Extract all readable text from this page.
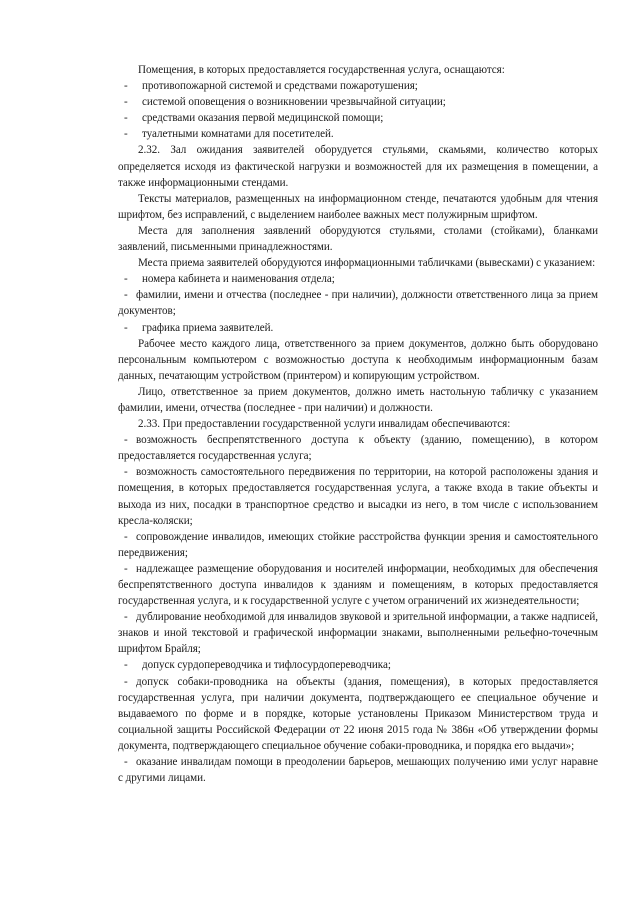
Помещения, в которых предоставляется государственная услуга, оснащаются:

- противопожарной системой и средствами пожаротушения;

- системой оповещения о возникновении чрезвычайной ситуации;

- средствами оказания первой медицинской помощи;

- туалетными комнатами для посетителей.

2.32. Зал ожидания заявителей оборудуется стульями, скамьями, количество которых определяется исходя из фактической нагрузки и возможностей для их размещения в помещении, а также информационными стендами.

Тексты материалов, размещенных на информационном стенде, печатаются удобным для чтения шрифтом, без исправлений, с выделением наиболее важных мест полужирным шрифтом.

Места для заполнения заявлений оборудуются стульями, столами (стойками), бланками заявлений, письменными принадлежностями.

Места приема заявителей оборудуются информационными табличками (вывесками) с указанием:

- номера кабинета и наименования отдела;

- фамилии, имени и отчества (последнее - при наличии), должности ответственного лица за прием документов;

- графика приема заявителей.

Рабочее место каждого лица, ответственного за прием документов, должно быть оборудовано персональным компьютером с возможностью доступа к необходимым информационным базам данных, печатающим устройством (принтером) и копирующим устройством.

Лицо, ответственное за прием документов, должно иметь настольную табличку с указанием фамилии, имени, отчества (последнее - при наличии) и должности.

2.33. При предоставлении государственной услуги инвалидам обеспечиваются:

- возможность беспрепятственного доступа к объекту (зданию, помещению), в котором предоставляется государственная услуга;

- возможность самостоятельного передвижения по территории, на которой расположены здания и помещения, в которых предоставляется государственная услуга, а также входа в такие объекты и выхода из них, посадки в транспортное средство и высадки из него, в том числе с использованием кресла-коляски;

- сопровождение инвалидов, имеющих стойкие расстройства функции зрения и самостоятельного передвижения;

- надлежащее размещение оборудования и носителей информации, необходимых для обеспечения беспрепятственного доступа инвалидов к зданиям и помещениям, в которых предоставляется государственная услуга, и к государственной услуге с учетом ограничений их жизнедеятельности;

- дублирование необходимой для инвалидов звуковой и зрительной информации, а также надписей, знаков и иной текстовой и графической информации знаками, выполненными рельефно-точечным шрифтом Брайля;

- допуск сурдопереводчика и тифлосурдопереводчика;

- допуск собаки-проводника на объекты (здания, помещения), в которых предоставляется государственная услуга, при наличии документа, подтверждающего ее специальное обучение и выдаваемого по форме и в порядке, которые установлены Приказом Министерством труда и социальной защиты Российской Федерации от 22 июня 2015 года № 386н «Об утверждении формы документа, подтверждающего специальное обучение собаки-проводника, и порядка его выдачи»;

- оказание инвалидам помощи в преодолении барьеров, мешающих получению ими услуг наравне с другими лицами.
